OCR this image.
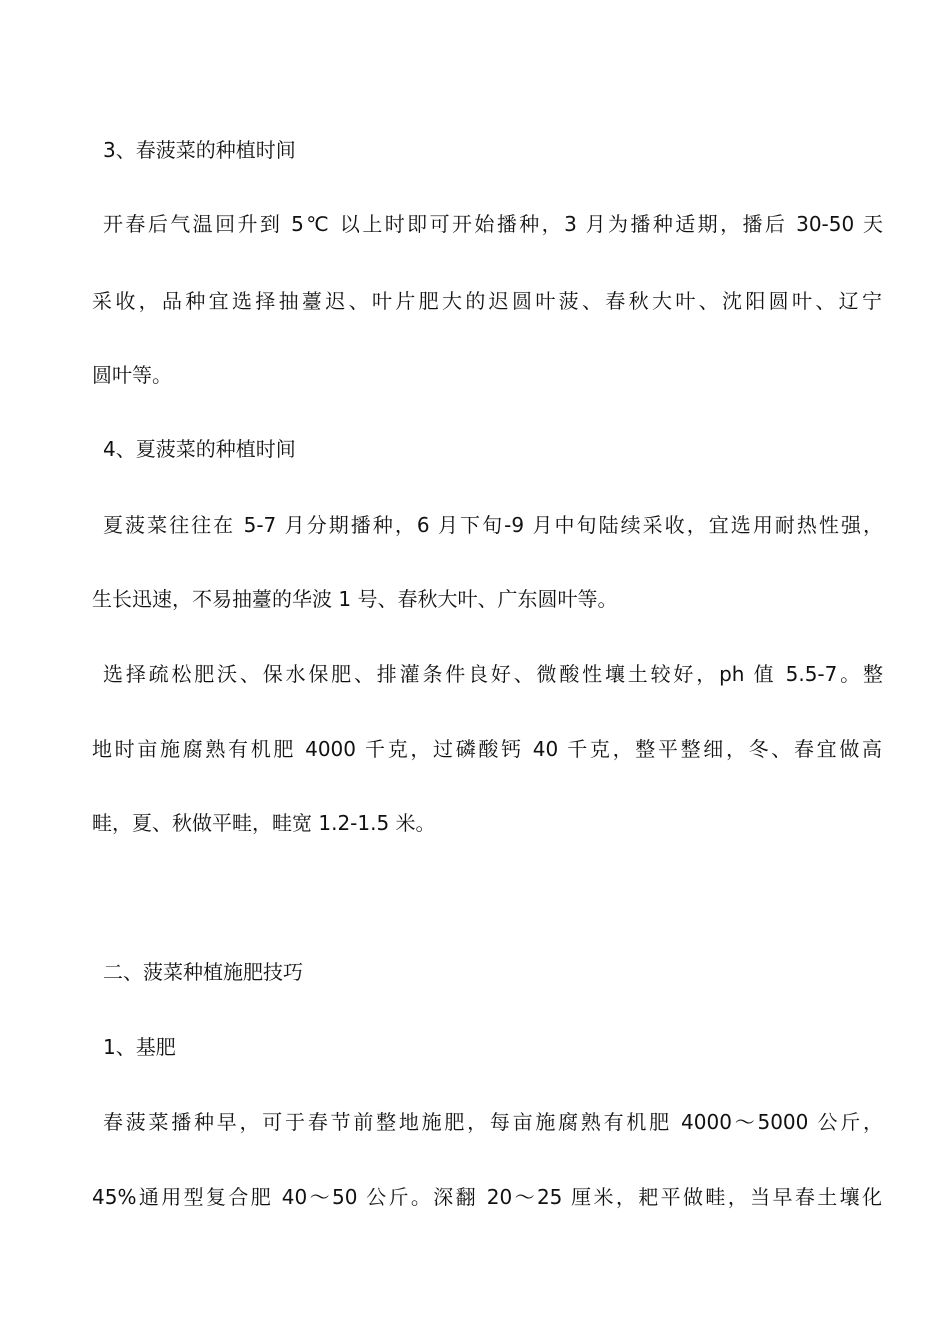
3、春菠菜的种植时间
开春后气温回升到 5℃ 以上时即可开始播种，3 月为播种适期，播后 30-50 天
采收，品种宜选择抽薹迟、叶片肥大的迟圆叶菠、春秋大叶、沈阳圆叶、辽宁
圆叶等。
4、夏菠菜的种植时间
夏菠菜往往在 5-7 月分期播种，6 月下旬-9 月中旬陆续采收，宜选用耐热性强，
生长迅速，不易抽薹的华波 1 号、春秋大叶、广东圆叶等。
选择疏松肥沃、保水保肥、排灌条件良好、微酸性壤土较好，ph 值 5.5-7。整
地时亩施腐熟有机肥 4000 千克，过磷酸钙 40 千克，整平整细，冬、春宜做高
畦，夏、秋做平畦，畦宽 1.2-1.5 米。
二、菠菜种植施肥技巧
1、基肥
春菠菜播种早，可于春节前整地施肥，每亩施腐熟有机肥 4000～5000 公斤，
45%通用型复合肥 40～50 公斤。深翻 20～25 厘米，耙平做畦，当早春土壤化
